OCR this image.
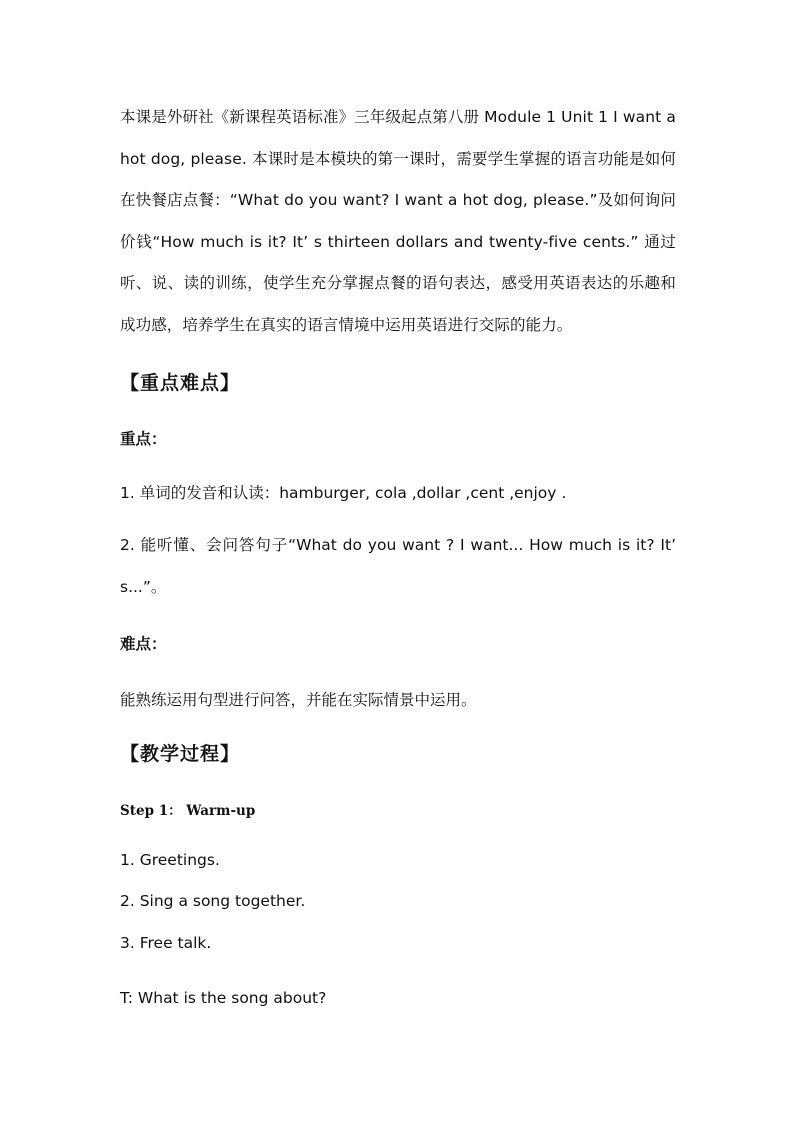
本课是外研社《新课程英语标准》三年级起点第八册 Module 1 Unit 1 I want a hot dog, please. 本课时是本模块的第一课时，需要学生掌握的语言功能是如何在快餐店点餐：“What do you want? I want a hot dog, please.”及如何询问价钱“How much is it? It’ s thirteen dollars and twenty-five cents.” 通过听、说、读的训练，使学生充分掌握点餐的语句表达，感受用英语表达的乐趣和成功感，培养学生在真实的语言情境中运用英语进行交际的能力。
【重点难点】
重点：
1. 单词的发音和认读：hamburger, cola ,dollar ,cent ,enjoy .
2. 能听懂、会问答句子“What do you want ? I want... How much is it? It’ s...”。
难点：
能熟练运用句型进行问答，并能在实际情景中运用。
【教学过程】
Step 1： Warm-up
1. Greetings.
2. Sing a song together.
3. Free talk.
T: What is the song about?
